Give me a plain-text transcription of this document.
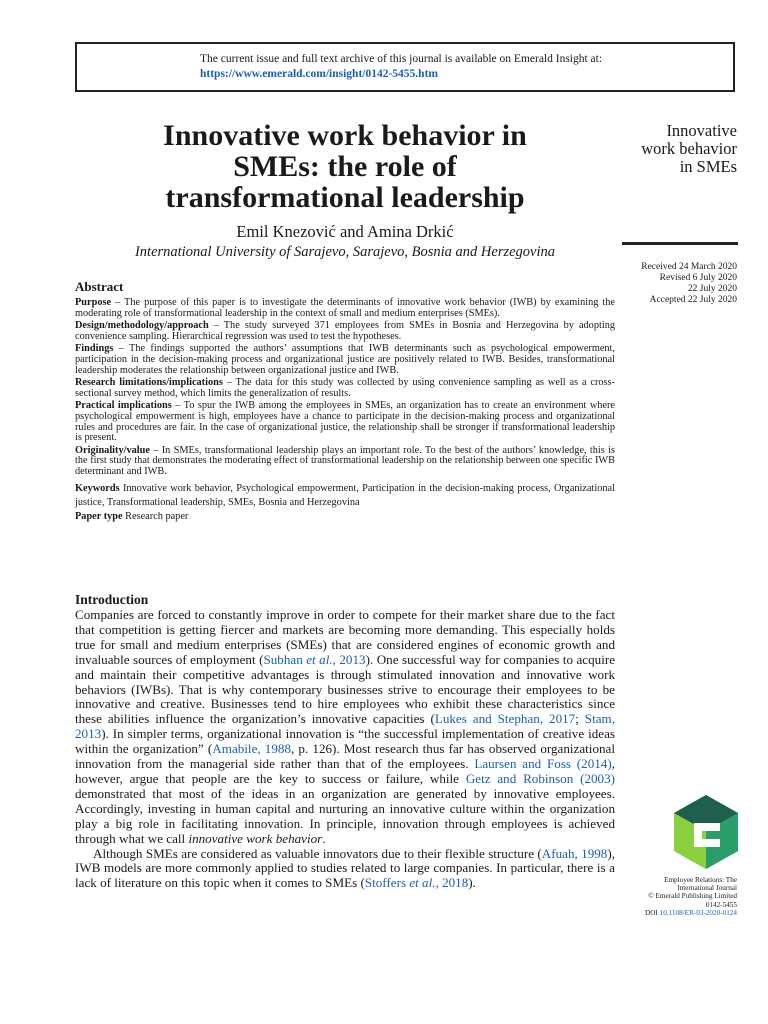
The current issue and full text archive of this journal is available on Emerald Insight at:
https://www.emerald.com/insight/0142-5455.htm
Innovative work behavior in
SMEs: the role of
transformational leadership
Emil Knezović and Amina Drkić
International University of Sarajevo, Sarajevo, Bosnia and Herzegovina
Innovative
work behavior
in SMEs
Received 24 March 2020
Revised 6 July 2020
22 July 2020
Accepted 22 July 2020
Abstract

Purpose – The purpose of this paper is to investigate the determinants of innovative work behavior (IWB) by examining the moderating role of transformational leadership in the context of small and medium enterprises (SMEs).

Design/methodology/approach – The study surveyed 371 employees from SMEs in Bosnia and Herzegovina by adopting convenience sampling. Hierarchical regression was used to test the hypotheses.

Findings – The findings supported the authors’ assumptions that IWB determinants such as psychological empowerment, participation in the decision-making process and organizational justice are positively related to IWB. Besides, transformational leadership moderates the relationship between organizational justice and IWB.

Research limitations/implications – The data for this study was collected by using convenience sampling as well as a cross-sectional survey method, which limits the generalization of results.

Practical implications – To spur the IWB among the employees in SMEs, an organization has to create an environment where psychological empowerment is high, employees have a chance to participate in the decision-making process and organizational rules and procedures are fair. In the case of organizational justice, the relationship shall be stronger if transformational leadership is present.

Originality/value – In SMEs, transformational leadership plays an important role. To the best of the authors’ knowledge, this is the first study that demonstrates the moderating effect of transformational leadership on the relationship between one specific IWB determinant and IWB.

Keywords Innovative work behavior, Psychological empowerment, Participation in the decision-making process, Organizational justice, Transformational leadership, SMEs, Bosnia and Herzegovina

Paper type Research paper

Introduction

Companies are forced to constantly improve in order to compete for their market share due to the fact that competition is getting fiercer and markets are becoming more demanding. This especially holds true for small and medium enterprises (SMEs) that are considered engines of economic growth and invaluable sources of employment (Subhan et al., 2013). One successful way for companies to acquire and maintain their competitive advantages is through stimulated innovation and innovative work behaviors (IWBs). That is why contemporary businesses strive to encourage their employees to be innovative and creative. Businesses tend to hire employees who exhibit these characteristics since these abilities influence the organization’s innovative capacities (Lukes and Stephan, 2017; Stam, 2013). In simpler terms, organizational innovation is “the successful implementation of creative ideas within the organization” (Amabile, 1988, p. 126). Most research thus far has observed organizational innovation from the managerial side rather than that of the employees. Laursen and Foss (2014), however, argue that people are the key to success or failure, while Getz and Robinson (2003) demonstrated that most of the ideas in an organization are generated by innovative employees. Accordingly, investing in human capital and nurturing an innovative culture within the organization play a big role in facilitating innovation. In principle, innovation through employees is achieved through what we call innovative work behavior.

Although SMEs are considered as valuable innovators due to their flexible structure (Afuah, 1998), IWB models are more commonly applied to studies related to large companies. In particular, there is a lack of literature on this topic when it comes to SMEs (Stoffers et al., 2018).	Employee Relations: The
International Journal
© Emerald Publishing Limited
0142-5455
DOI 10.1108/ER-03-2020-0124
